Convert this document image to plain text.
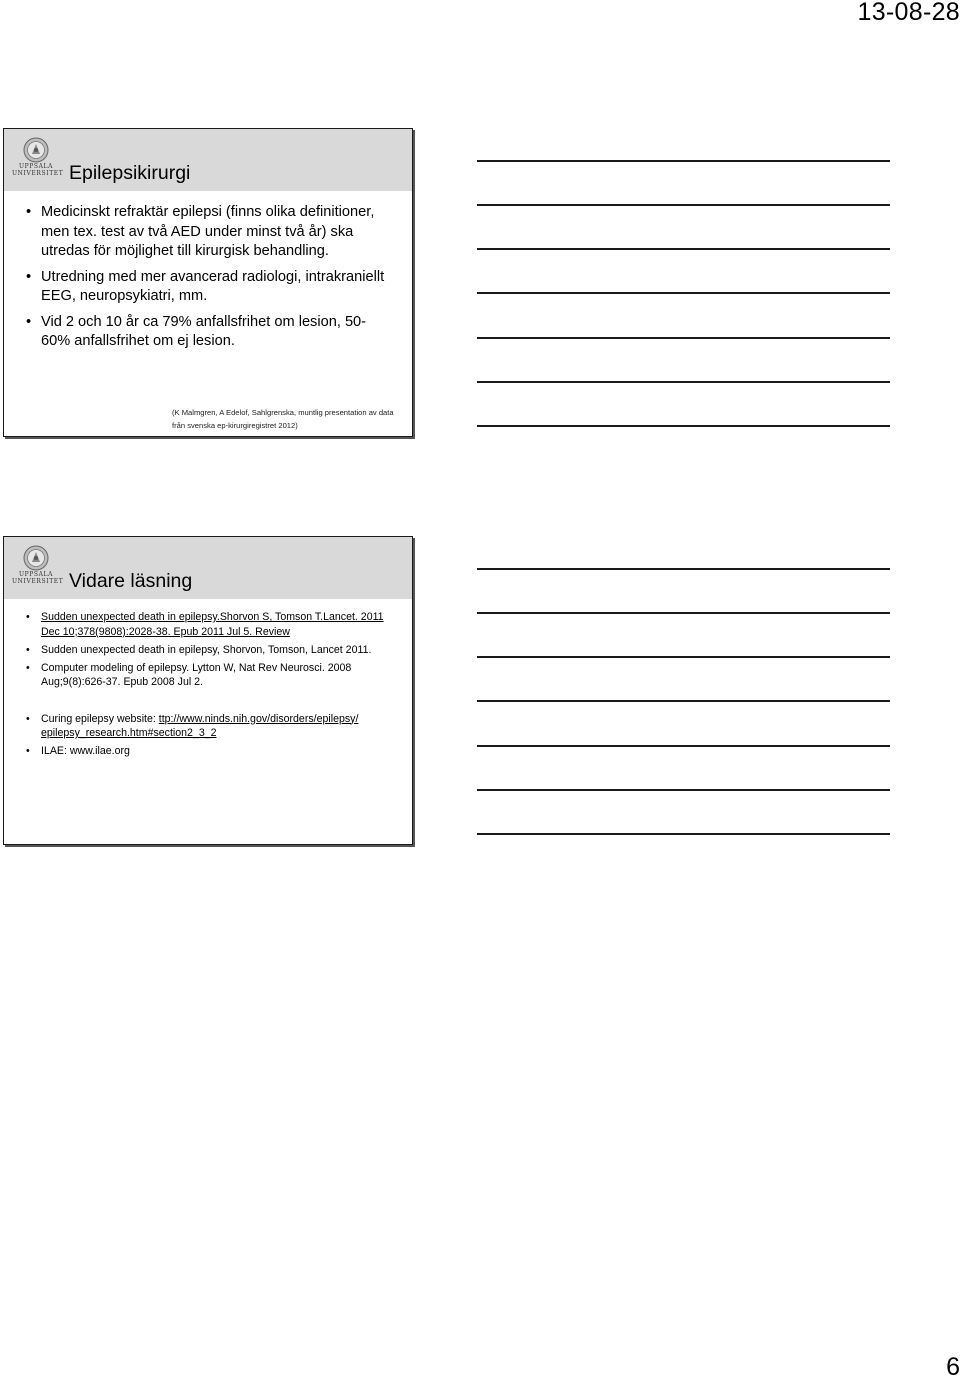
13-08-28
UPPSALA
UNIVERSITET Epilepsikirurgi
• Medicinskt refraktär epilepsi (finns olika definitioner, men tex. test av två AED under minst två år) ska utredas för möjlighet till kirurgisk behandling.
• Utredning med mer avancerad radiologi, intrakraniellt EEG, neuropsykiatri, mm.
• Vid 2 och 10 år ca 79% anfallsfrihet om lesion, 50-60% anfallsfrihet om ej lesion.
(K Malmgren, A Edelof, Sahlgrenska, muntlig presentation av data från svenska ep-kirurgiregistret 2012)
UPPSALA
UNIVERSITET Vidare läsning
• Sudden unexpected death in epilepsy.Shorvon S, Tomson T.Lancet. 2011 Dec 10;378(9808):2028-38. Epub 2011 Jul 5. Review
• Sudden unexpected death in epilepsy, Shorvon, Tomson, Lancet 2011.
• Computer modeling of epilepsy. Lytton W, Nat Rev Neurosci. 2008 Aug;9(8):626-37. Epub 2008 Jul 2.
• Curing epilepsy website: ttp://www.ninds.nih.gov/disorders/epilepsy/ epilepsy_research.htm#section2_3_2
• ILAE: www.ilae.org
6
